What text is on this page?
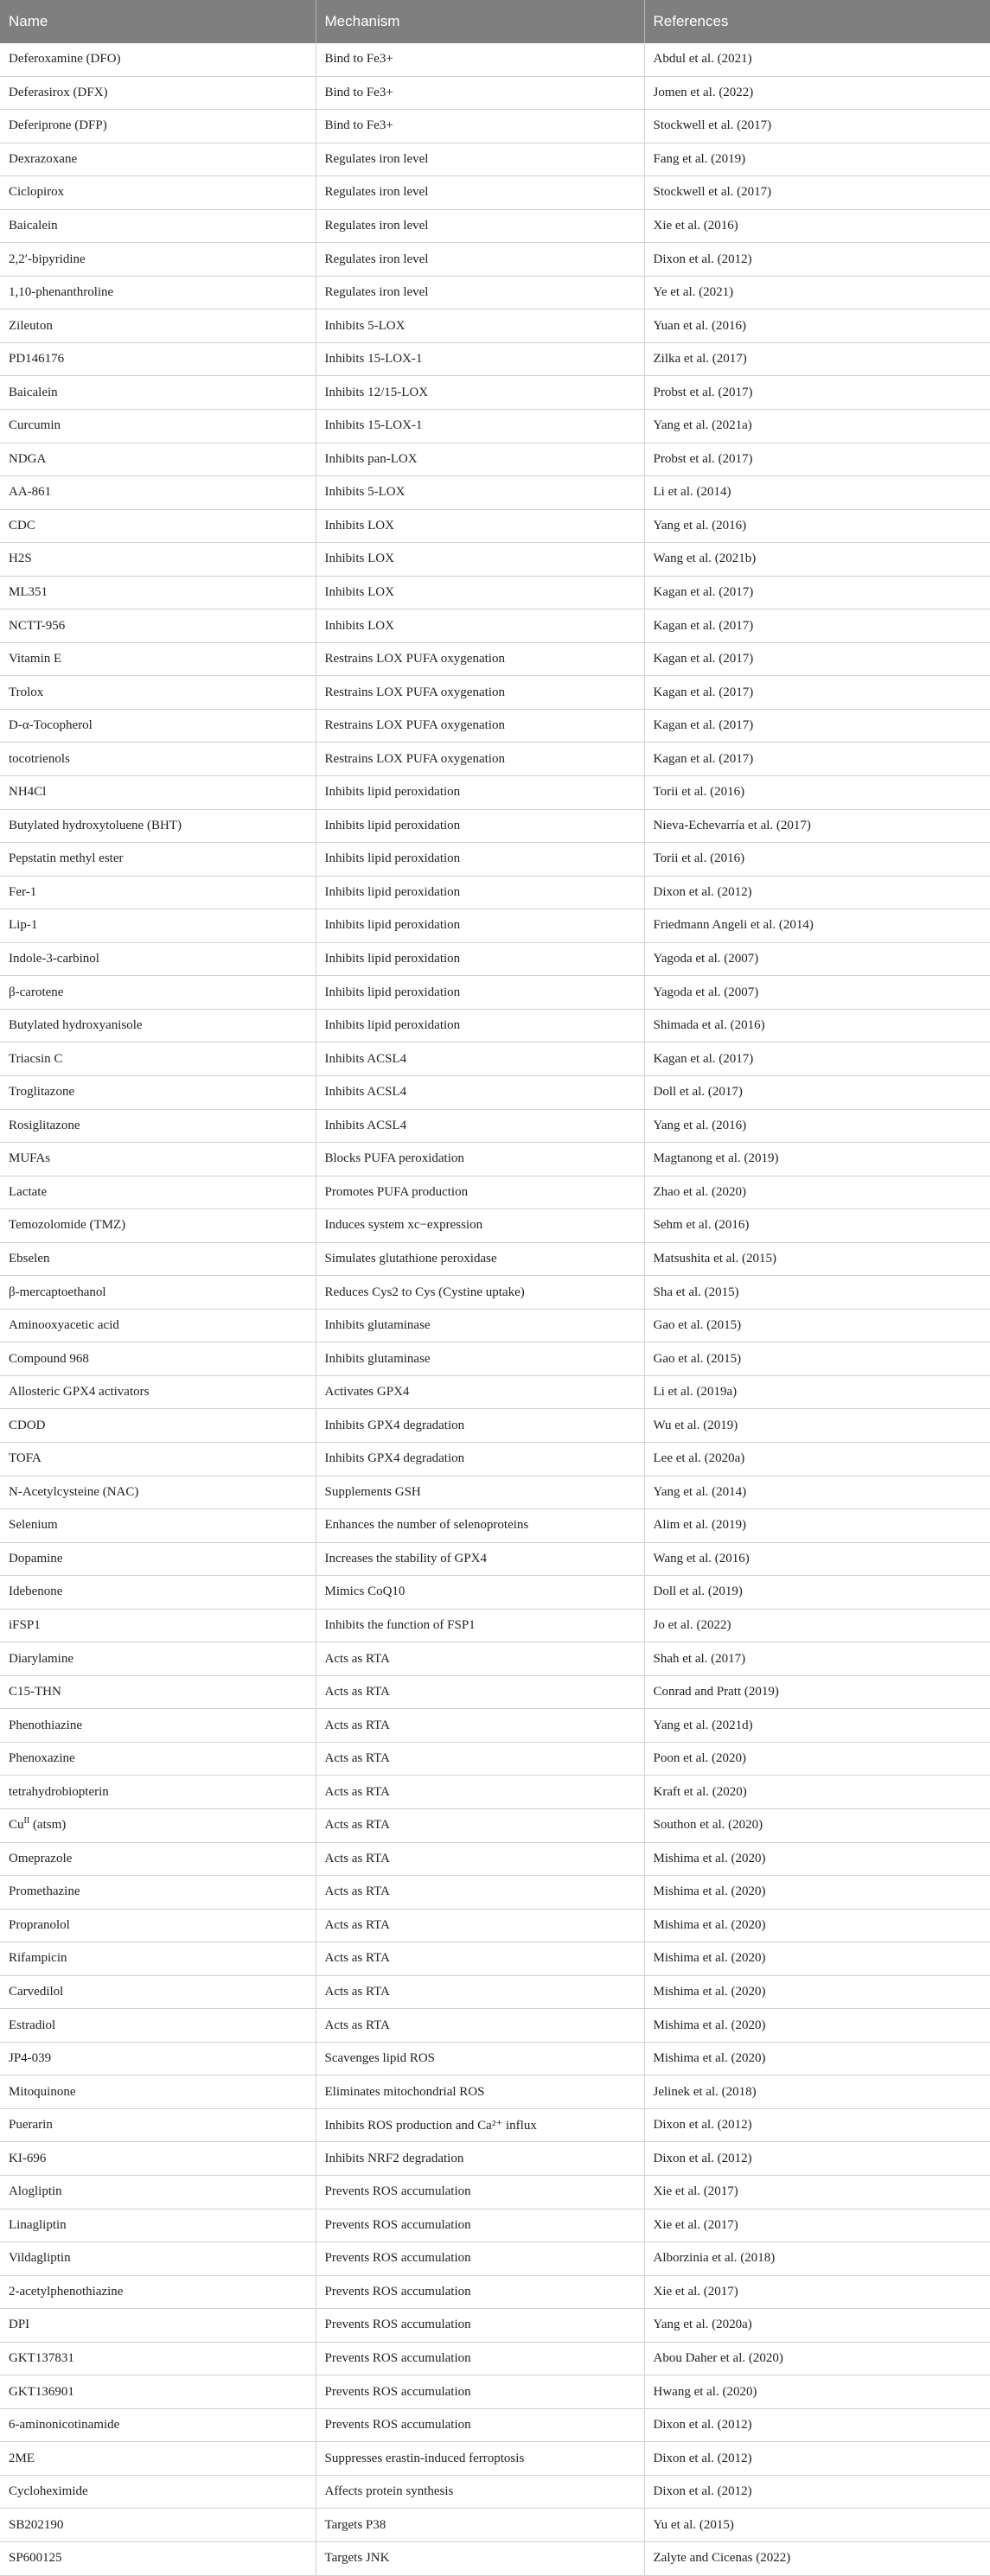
Name	Mechanism	References
Deferoxamine (DFO)	Bind to Fe3+	Abdul et al. (2021)
Deferasirox (DFX)	Bind to Fe3+	Jomen et al. (2022)
Deferiprone (DFP)	Bind to Fe3+	Stockwell et al. (2017)
Dexrazoxane	Regulates iron level	Fang et al. (2019)
Ciclopirox	Regulates iron level	Stockwell et al. (2017)
Baicalein	Regulates iron level	Xie et al. (2016)
2,2′-bipyridine	Regulates iron level	Dixon et al. (2012)
1,10-phenanthroline	Regulates iron level	Ye et al. (2021)
Zileuton	Inhibits 5-LOX	Yuan et al. (2016)
PD146176	Inhibits 15-LOX-1	Zilka et al. (2017)
Baicalein	Inhibits 12/15-LOX	Probst et al. (2017)
Curcumin	Inhibits 15-LOX-1	Yang et al. (2021a)
NDGA	Inhibits pan-LOX	Probst et al. (2017)
AA-861	Inhibits 5-LOX	Li et al. (2014)
CDC	Inhibits LOX	Yang et al. (2016)
H2S	Inhibits LOX	Wang et al. (2021b)
ML351	Inhibits LOX	Kagan et al. (2017)
NCTT-956	Inhibits LOX	Kagan et al. (2017)
Vitamin E	Restrains LOX PUFA oxygenation	Kagan et al. (2017)
Trolox	Restrains LOX PUFA oxygenation	Kagan et al. (2017)
D-α-Tocopherol	Restrains LOX PUFA oxygenation	Kagan et al. (2017)
tocotrienols	Restrains LOX PUFA oxygenation	Kagan et al. (2017)
NH4Cl	Inhibits lipid peroxidation	Torii et al. (2016)
Butylated hydroxytoluene (BHT)	Inhibits lipid peroxidation	Nieva-Echevarría et al. (2017)
Pepstatin methyl ester	Inhibits lipid peroxidation	Torii et al. (2016)
Fer-1	Inhibits lipid peroxidation	Dixon et al. (2012)
Lip-1	Inhibits lipid peroxidation	Friedmann Angeli et al. (2014)
Indole-3-carbinol	Inhibits lipid peroxidation	Yagoda et al. (2007)
β-carotene	Inhibits lipid peroxidation	Yagoda et al. (2007)
Butylated hydroxyanisole	Inhibits lipid peroxidation	Shimada et al. (2016)
Triacsin C	Inhibits ACSL4	Kagan et al. (2017)
Troglitazone	Inhibits ACSL4	Doll et al. (2017)
Rosiglitazone	Inhibits ACSL4	Yang et al. (2016)
MUFAs	Blocks PUFA peroxidation	Magtanong et al. (2019)
Lactate	Promotes PUFA production	Zhao et al. (2020)
Temozolomide (TMZ)	Induces system xc−expression	Sehm et al. (2016)
Ebselen	Simulates glutathione peroxidase	Matsushita et al. (2015)
β-mercaptoethanol	Reduces Cys2 to Cys (Cystine uptake)	Sha et al. (2015)
Aminooxyacetic acid	Inhibits glutaminase	Gao et al. (2015)
Compound 968	Inhibits glutaminase	Gao et al. (2015)
Allosteric GPX4 activators	Activates GPX4	Li et al. (2019a)
CDOD	Inhibits GPX4 degradation	Wu et al. (2019)
TOFA	Inhibits GPX4 degradation	Lee et al. (2020a)
N-Acetylcysteine (NAC)	Supplements GSH	Yang et al. (2014)
Selenium	Enhances the number of selenoproteins	Alim et al. (2019)
Dopamine	Increases the stability of GPX4	Wang et al. (2016)
Idebenone	Mimics CoQ10	Doll et al. (2019)
iFSP1	Inhibits the function of FSP1	Jo et al. (2022)
Diarylamine	Acts as RTA	Shah et al. (2017)
C15-THN	Acts as RTA	Conrad and Pratt (2019)
Phenothiazine	Acts as RTA	Yang et al. (2021d)
Phenoxazine	Acts as RTA	Poon et al. (2020)
tetrahydrobiopterin	Acts as RTA	Kraft et al. (2020)
$Cu^{II}$ (atsm)	Acts as RTA	Southon et al. (2020)
Omeprazole	Acts as RTA	Mishima et al. (2020)
Promethazine	Acts as RTA	Mishima et al. (2020)
Propranolol	Acts as RTA	Mishima et al. (2020)
Rifampicin	Acts as RTA	Mishima et al. (2020)
Carvedilol	Acts as RTA	Mishima et al. (2020)
Estradiol	Acts as RTA	Mishima et al. (2020)
JP4-039	Scavenges lipid ROS	Mishima et al. (2020)
Mitoquinone	Eliminates mitochondrial ROS	Jelinek et al. (2018)
Puerarin	Inhibits ROS production and Ca²⁺ influx	Dixon et al. (2012)
KI-696	Inhibits NRF2 degradation	Dixon et al. (2012)
Alogliptin	Prevents ROS accumulation	Xie et al. (2017)
Linagliptin	Prevents ROS accumulation	Xie et al. (2017)
Vildagliptin	Prevents ROS accumulation	Alborzinia et al. (2018)
2-acetylphenothiazine	Prevents ROS accumulation	Xie et al. (2017)
DPI	Prevents ROS accumulation	Yang et al. (2020a)
GKT137831	Prevents ROS accumulation	Abou Daher et al. (2020)
GKT136901	Prevents ROS accumulation	Hwang et al. (2020)
6-aminonicotinamide	Prevents ROS accumulation	Dixon et al. (2012)
2ME	Suppresses erastin-induced ferroptosis	Dixon et al. (2012)
Cycloheximide	Affects protein synthesis	Dixon et al. (2012)
SB202190	Targets P38	Yu et al. (2015)
SP600125	Targets JNK	Zalyte and Cicenas (2022)
